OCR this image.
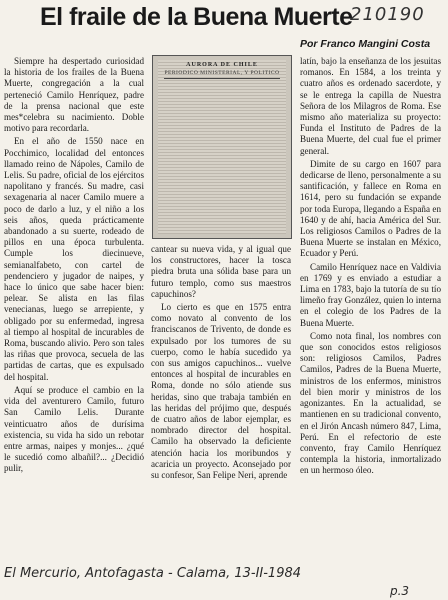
El fraile de la Buena Muerte
210190
Por Franco Mangini Costa
AURORA DE CHILE
PERIODICO MINISTERIAL, Y POLITICO

Siempre ha despertado curiosidad la historia de los frailes de la Buena Muerte, congregación a la cual perteneció Camilo Henríquez, padre de la prensa nacional que este mes*celebra su nacimiento. Doble motivo para recordarla.

En el año de 1550 nace en Pocchimico, localidad del entonces llamado reino de Nápoles, Camilo de Lelis. Su padre, oficial de los ejércitos napolitano y francés. Su madre, casi sexagenaria al nacer Camilo muere a poco de darlo a luz, y el niño a los seis años, queda prácticamente abandonado a su suerte, rodeado de pillos en una época turbulenta. Cumple los diecinueve, semianalfabeto, con cartel de pendenciero y jugador de naipes, y hace lo único que sabe hacer bien: pelear. Se alista en las filas venecianas, luego se arrepiente, y obligado por su enfermedad, ingresa al tiempo al hospital de incurables de Roma, buscando alivio. Pero son tales las riñas que provoca, secuela de las partidas de cartas, que es expulsado del hospital.

Aquí se produce el cambio en la vida del aventurero Camilo, futuro San Camilo Lelis. Durante veinticuatro años de durísima existencia, su vida ha sido un rebotar entre armas, naipes y monjes... ¿qué le sucedió como albañil?... ¿Decidió pulir,

cantear su nueva vida, y al igual que los constructores, hacer la tosca piedra bruta una sólida base para un futuro templo, como sus maestros capuchinos?

Lo cierto es que en 1575 entra como novato al convento de los franciscanos de Trivento, de donde es expulsado por los tumores de su cuerpo, como le había sucedido ya con sus amigos capuchinos... vuelve entonces al hospital de incurables en Roma, donde no sólo atiende sus heridas, sino que trabaja también en las heridas del prójimo que, después de cuatro años de labor ejemplar, es nombrado director del hospital. Camilo ha observado la deficiente atención hacia los moribundos y acaricia un proyecto. Aconsejado por su confesor, San Felipe Neri, aprende

latín, bajo la enseñanza de los jesuitas romanos. En 1584, a los treinta y cuatro años es ordenado sacerdote, y se le entrega la capilla de Nuestra Señora de los Milagros de Roma. Ese mismo año materializa su proyecto: Funda el Instituto de Padres de la Buena Muerte, del cual fue el primer general.

Dimite de su cargo en 1607 para dedicarse de lleno, personalmente a su santificación, y fallece en Roma en 1614, pero su fundación se expande por toda Europa, llegando a España en 1640 y de ahí, hacia América del Sur. Los religiosos Camilos o Padres de la Buena Muerte se instalan en México, Ecuador y Perú.

Camilo Henríquez nace en Valdivia en 1769 y es enviado a estudiar a Lima en 1783, bajo la tutoría de su tío limeño fray González, quien lo interna en el colegio de los Padres de la Buena Muerte.

Como nota final, los nombres con que son conocidos estos religiosos son: religiosos Camilos, Padres Camilos, Padres de la Buena Muerte, ministros de los enfermos, ministros del bien morir y ministros de los agonizantes. En la actualidad, se mantienen en su tradicional convento, en el Jirón Ancash número 847, Lima, Perú. En el refectorio de este convento, fray Camilo Henríquez contempla la historia, inmortalizado en un hermoso óleo.

El Mercurio, Antofagasta - Calama, 13-II-1984
p.3
